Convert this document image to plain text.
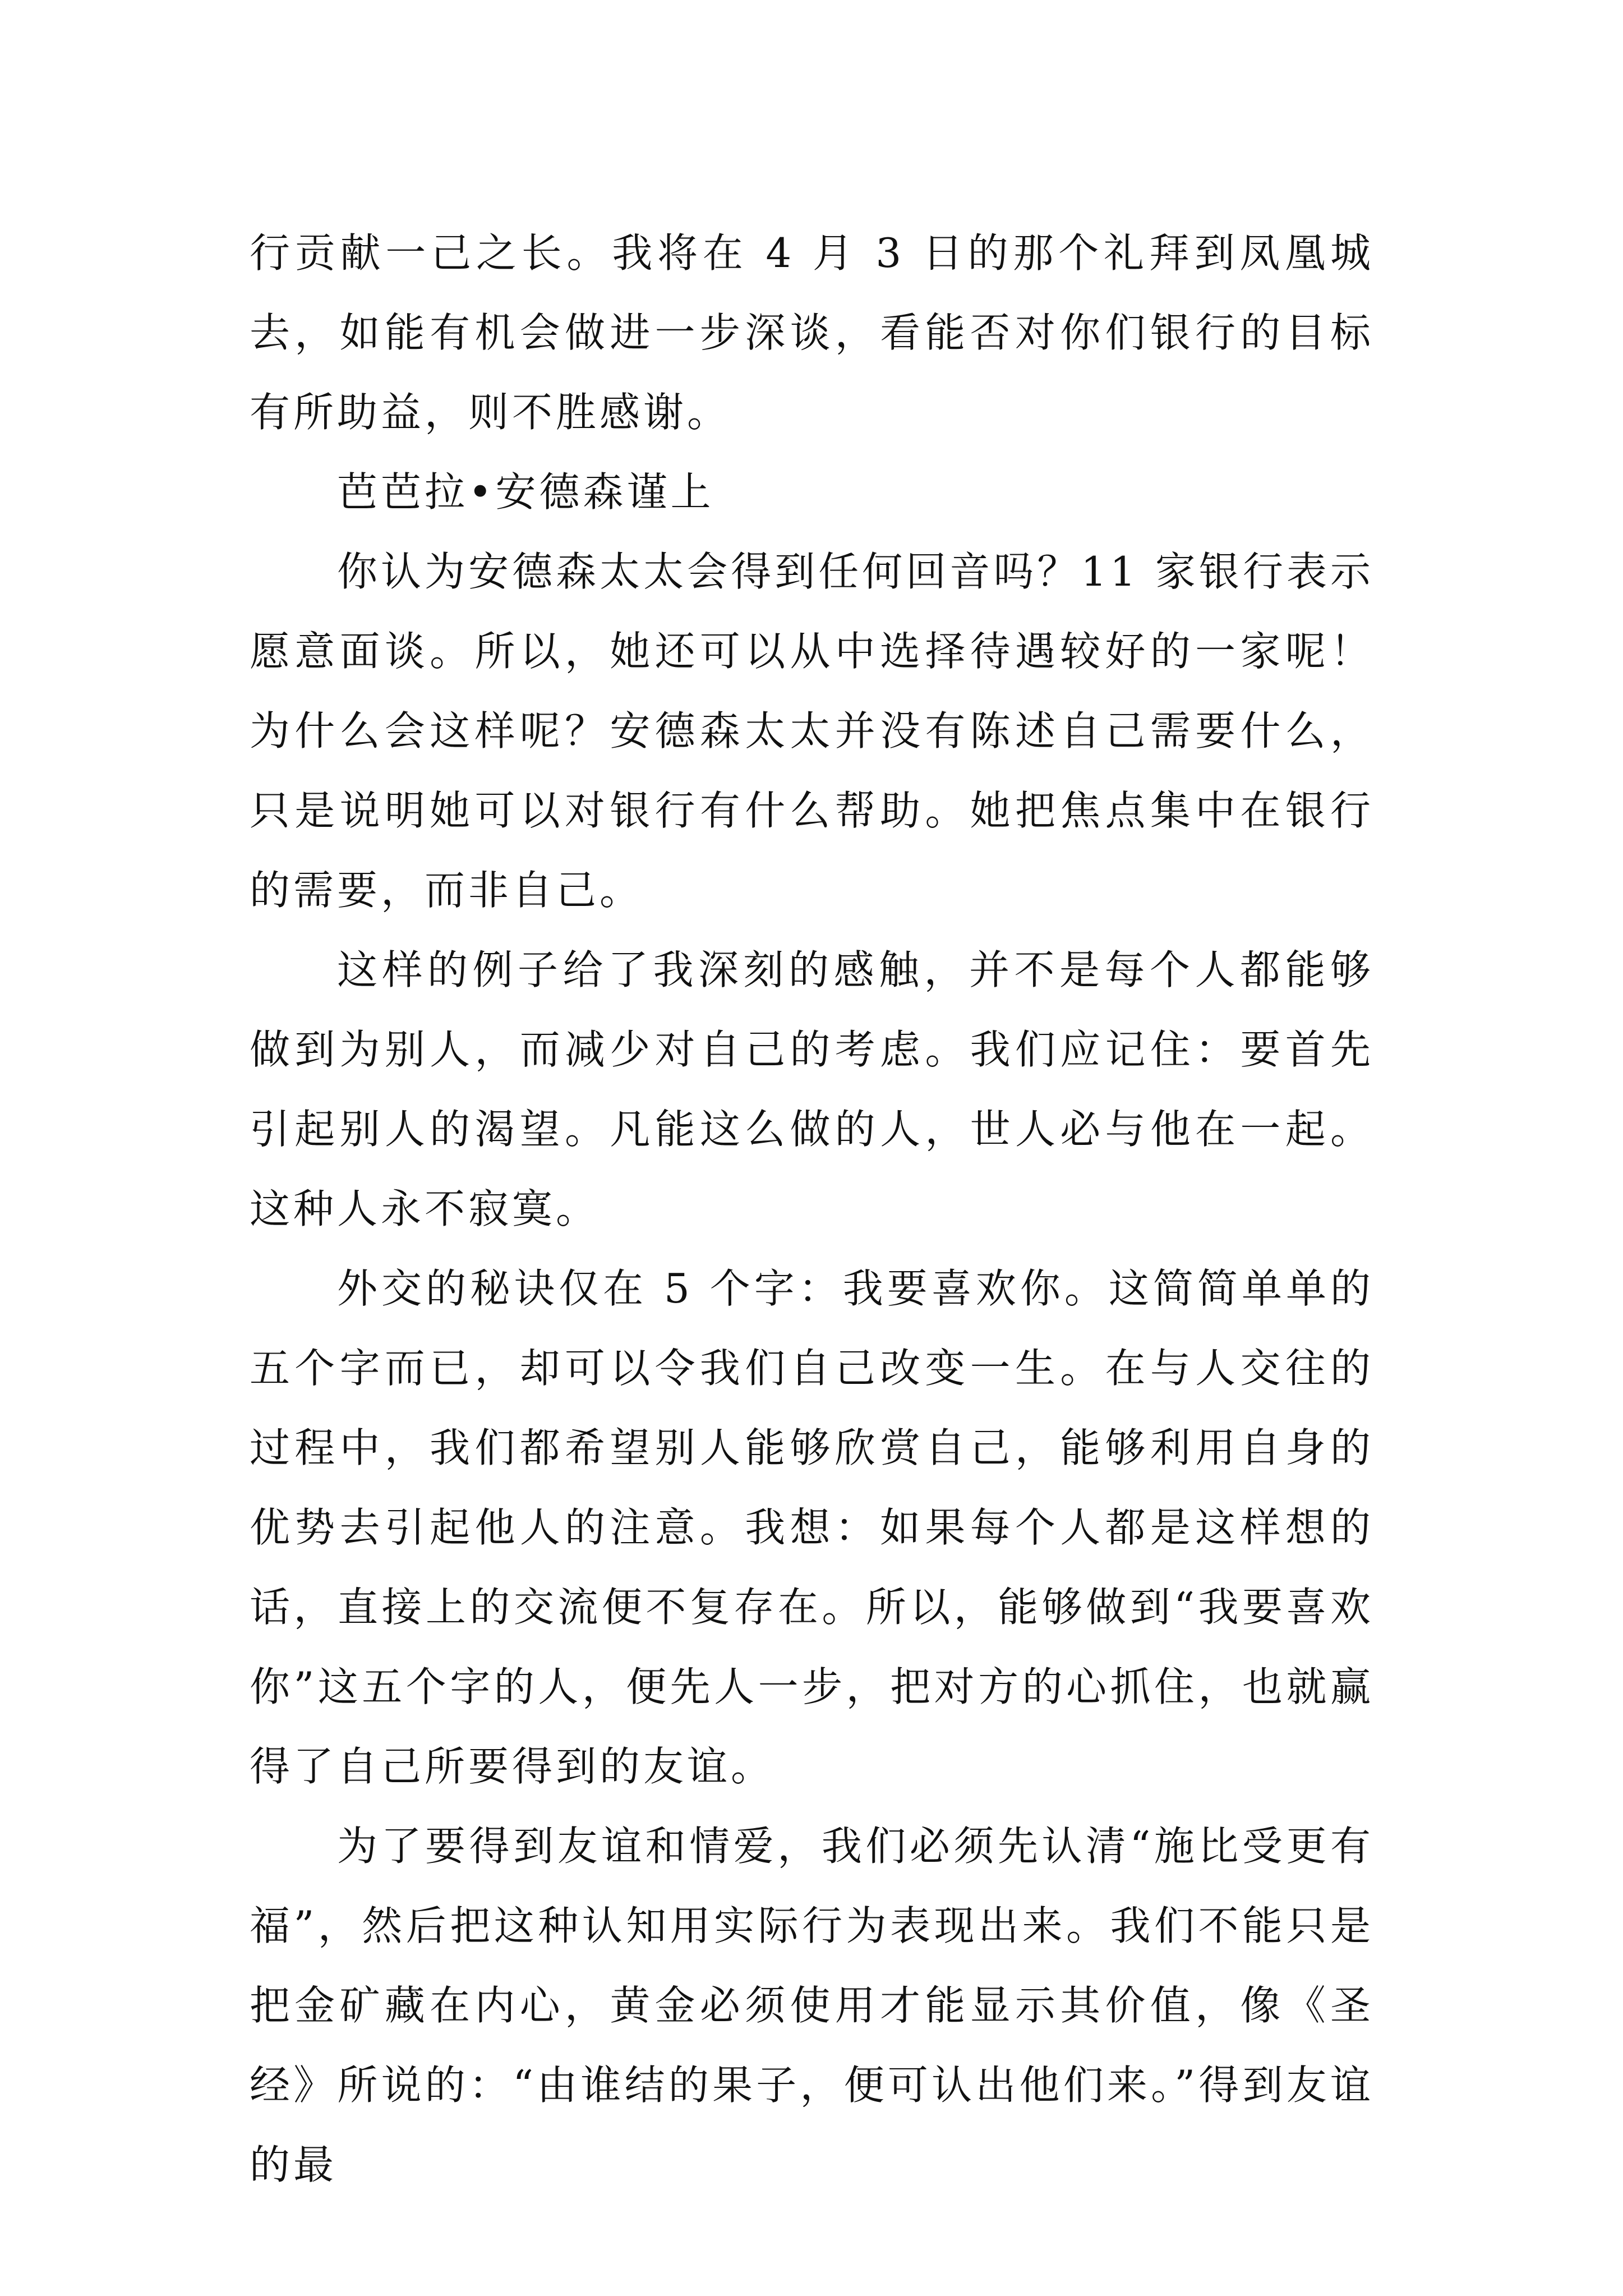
行贡献一己之长。我将在 4 月 3 日的那个礼拜到凤凰城去，如能有机会做进一步深谈，看能否对你们银行的目标有所助益，则不胜感谢。

芭芭拉•安德森谨上

你认为安德森太太会得到任何回音吗？11 家银行表示愿意面谈。所以，她还可以从中选择待遇较好的一家呢！为什么会这样呢？安德森太太并没有陈述自己需要什么，只是说明她可以对银行有什么帮助。她把焦点集中在银行的需要，而非自己。

这样的例子给了我深刻的感触，并不是每个人都能够做到为别人，而减少对自己的考虑。我们应记住：要首先引起别人的渴望。凡能这么做的人，世人必与他在一起。这种人永不寂寞。

外交的秘诀仅在 5 个字：我要喜欢你。这简简单单的五个字而已，却可以令我们自己改变一生。在与人交往的过程中，我们都希望别人能够欣赏自己，能够利用自身的优势去引起他人的注意。我想：如果每个人都是这样想的话，直接上的交流便不复存在。所以，能够做到“我要喜欢你”这五个字的人，便先人一步，把对方的心抓住，也就赢得了自己所要得到的友谊。

为了要得到友谊和情爱，我们必须先认清“施比受更有福”，然后把这种认知用实际行为表现出来。我们不能只是把金矿藏在内心，黄金必须使用才能显示其价值，像《圣经》所说的：“由谁结的果子，便可认出他们来。”得到友谊的最
